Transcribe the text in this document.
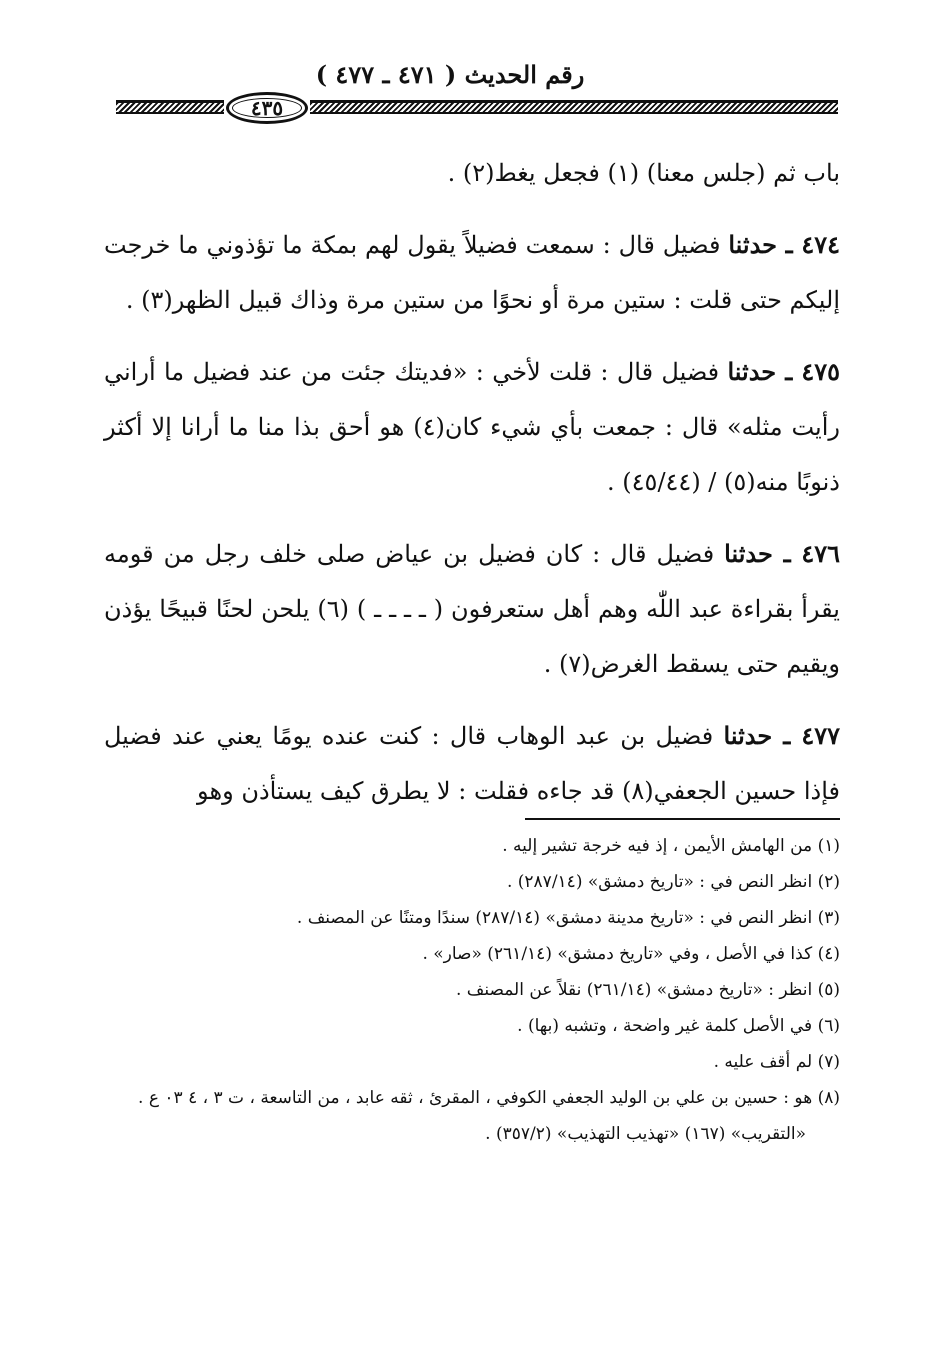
رقم الحديث ( ٤٧١ ـ ٤٧٧ )
٤٣٥

باب ثم (جلس معنا) (١) فجعل يغط(٢) .

٤٧٤ ـ حدثنا فضيل قال : سمعت فضيلاً يقول لهم بمكة ما تؤذوني ما خرجت إليكم حتى قلت : ستين مرة أو نحوًا من ستين مرة وذاك قبيل الظهر(٣) .

٤٧٥ ـ حدثنا فضيل قال : قلت لأخي : «فديتك جئت من عند فضيل ما أراني رأيت مثله» قال : جمعت بأي شيء كان(٤) هو أحق بذا منا ما أرانا إلا أكثر ذنوبًا منه(٥) / (٤٥/٤٤) .

٤٧٦ ـ حدثنا فضيل قال : كان فضيل بن عياض صلى خلف رجل من قومه يقرأ بقراءة عبد اللّٰه وهم أهل ستعرفون ( ـ ـ ـ ـ ) (٦) يلحن لحنًا قبيحًا يؤذن ويقيم حتى يسقط الغرض(٧) .

٤٧٧ ـ حدثنا فضيل بن عبد الوهاب قال : كنت عنده يومًا يعني عند فضيل فإذا حسين الجعفي(٨) قد جاءه فقلت : لا يطرق كيف يستأذن وهو

(١) من الهامش الأيمن ، إذ فيه خرجة تشير إليه .

(٢) انظر النص في : «تاريخ دمشق» (٢٨٧/١٤) .

(٣) انظر النص في : «تاريخ مدينة دمشق» (٢٨٧/١٤) سندًا ومتنًا عن المصنف .

(٤) كذا في الأصل ، وفي «تاريخ دمشق» (٢٦١/١٤) «صار» .

(٥) انظر : «تاريخ دمشق» (٢٦١/١٤) نقلاً عن المصنف .

(٦) في الأصل كلمة غير واضحة ، وتشبه (بها) .

(٧) لم أقف عليه .

(٨) هو : حسين بن علي بن الوليد الجعفي الكوفي ، المقرئ ، ثقه عابد ، من التاسعة ، ت ٣ ، ٤ ٠٣ ع .

«التقريب» (١٦٧) «تهذيب التهذيب» (٣٥٧/٢) .
